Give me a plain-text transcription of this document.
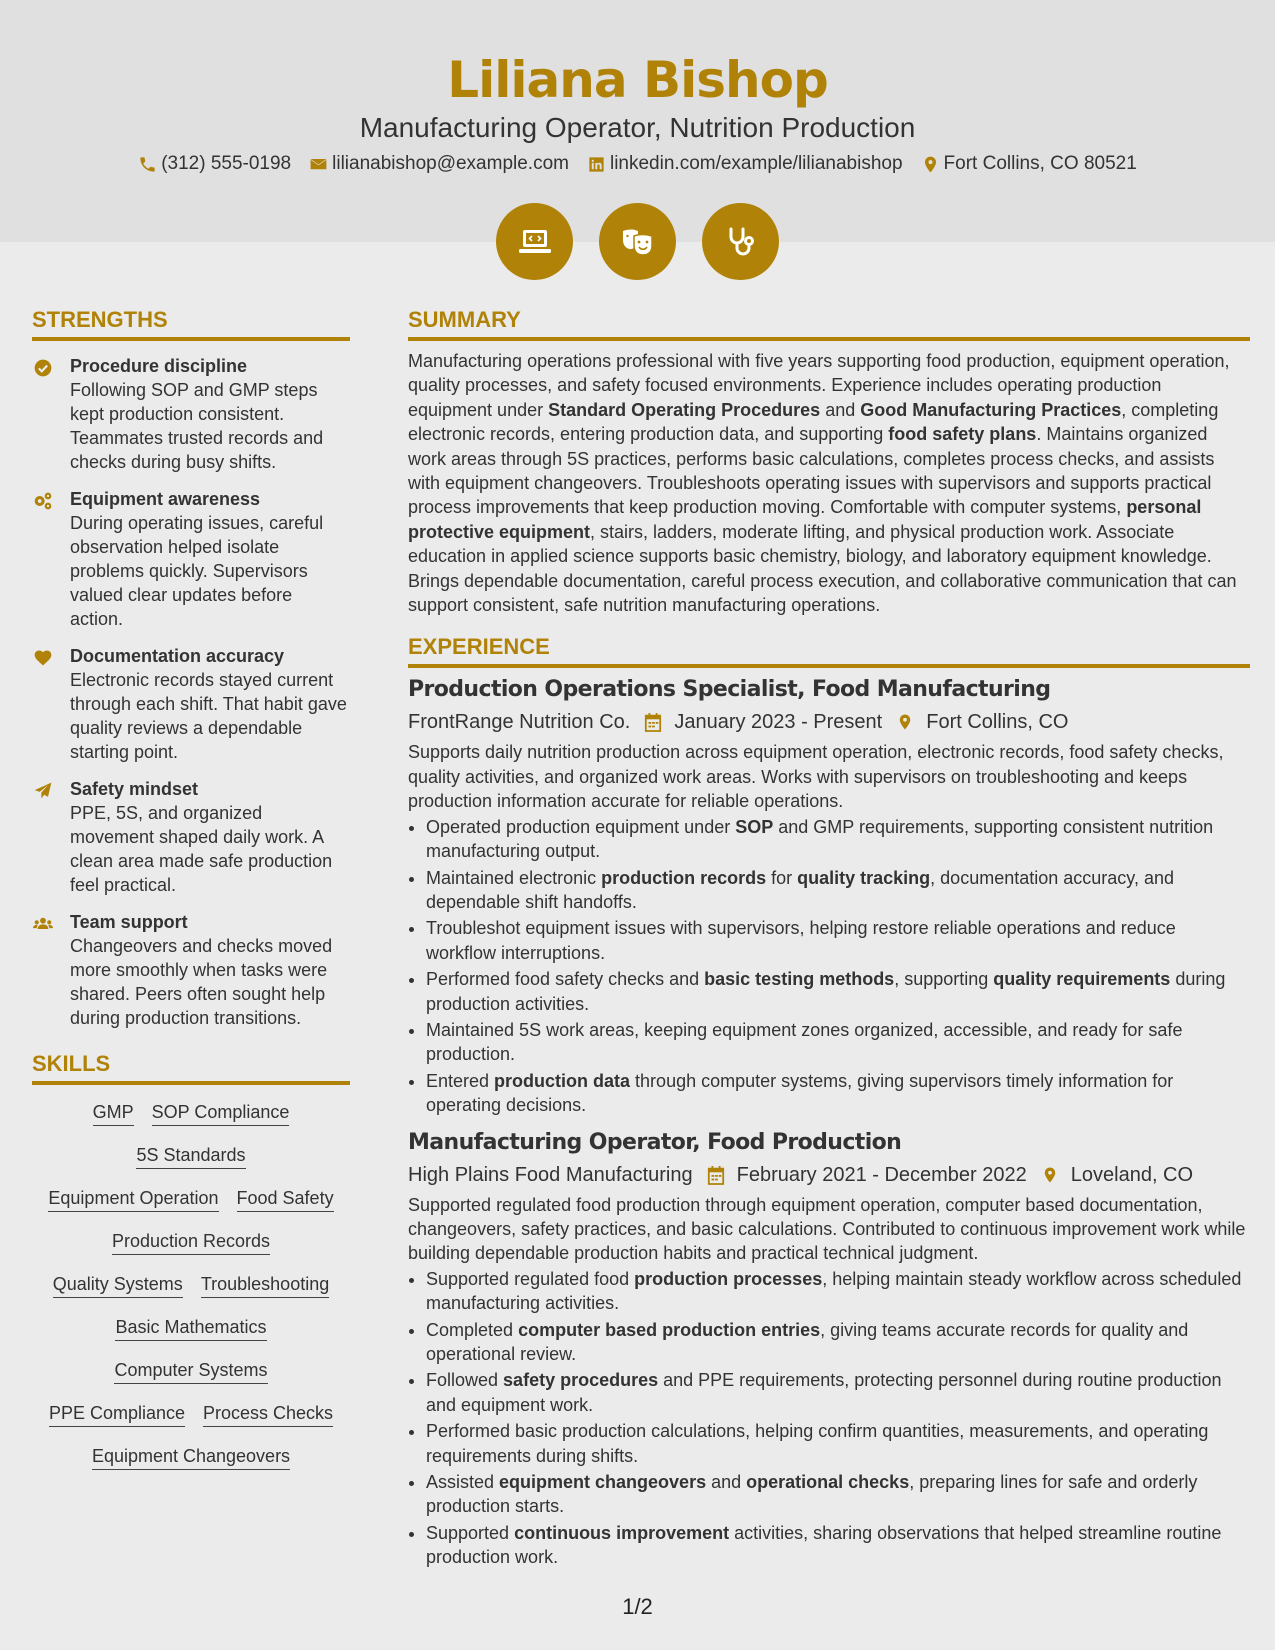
Liliana Bishop
Manufacturing Operator, Nutrition Production
(312) 555-0198 lilianabishop@example.com linkedin.com/example/lilianabishop Fort Collins, CO 80521
STRENGTHS
Procedure discipline
Following SOP and GMP steps kept production consistent. Teammates trusted records and checks during busy shifts.
Equipment awareness
During operating issues, careful observation helped isolate problems quickly. Supervisors valued clear updates before action.
Documentation accuracy
Electronic records stayed current through each shift. That habit gave quality reviews a dependable starting point.
Safety mindset
PPE, 5S, and organized movement shaped daily work. A clean area made safe production feel practical.
Team support
Changeovers and checks moved more smoothly when tasks were shared. Peers often sought help during production transitions.
SKILLS
GMP SOP Compliance
5S Standards
Equipment Operation Food Safety
Production Records
Quality Systems Troubleshooting
Basic Mathematics
Computer Systems
PPE Compliance Process Checks
Equipment Changeovers
SUMMARY
Manufacturing operations professional with five years supporting food production, equipment operation, quality processes, and safety focused environments. Experience includes operating production equipment under Standard Operating Procedures and Good Manufacturing Practices, completing electronic records, entering production data, and supporting food safety plans. Maintains organized work areas through 5S practices, performs basic calculations, completes process checks, and assists with equipment changeovers. Troubleshoots operating issues with supervisors and supports practical process improvements that keep production moving. Comfortable with computer systems, personal protective equipment, stairs, ladders, moderate lifting, and physical production work. Associate education in applied science supports basic chemistry, biology, and laboratory equipment knowledge. Brings dependable documentation, careful process execution, and collaborative communication that can support consistent, safe nutrition manufacturing operations.
EXPERIENCE
Production Operations Specialist, Food Manufacturing
FrontRange Nutrition Co. January 2023 - Present Fort Collins, CO
Supports daily nutrition production across equipment operation, electronic records, food safety checks, quality activities, and organized work areas. Works with supervisors on troubleshooting and keeps production information accurate for reliable operations.
• Operated production equipment under SOP and GMP requirements, supporting consistent nutrition manufacturing output.
• Maintained electronic production records for quality tracking, documentation accuracy, and dependable shift handoffs.
• Troubleshot equipment issues with supervisors, helping restore reliable operations and reduce workflow interruptions.
• Performed food safety checks and basic testing methods, supporting quality requirements during production activities.
• Maintained 5S work areas, keeping equipment zones organized, accessible, and ready for safe production.
• Entered production data through computer systems, giving supervisors timely information for operating decisions.
Manufacturing Operator, Food Production
High Plains Food Manufacturing February 2021 - December 2022 Loveland, CO
Supported regulated food production through equipment operation, computer based documentation, changeovers, safety practices, and basic calculations. Contributed to continuous improvement work while building dependable production habits and practical technical judgment.
• Supported regulated food production processes, helping maintain steady workflow across scheduled manufacturing activities.
• Completed computer based production entries, giving teams accurate records for quality and operational review.
• Followed safety procedures and PPE requirements, protecting personnel during routine production and equipment work.
• Performed basic production calculations, helping confirm quantities, measurements, and operating requirements during shifts.
• Assisted equipment changeovers and operational checks, preparing lines for safe and orderly production starts.
• Supported continuous improvement activities, sharing observations that helped streamline routine production work.
1/2
